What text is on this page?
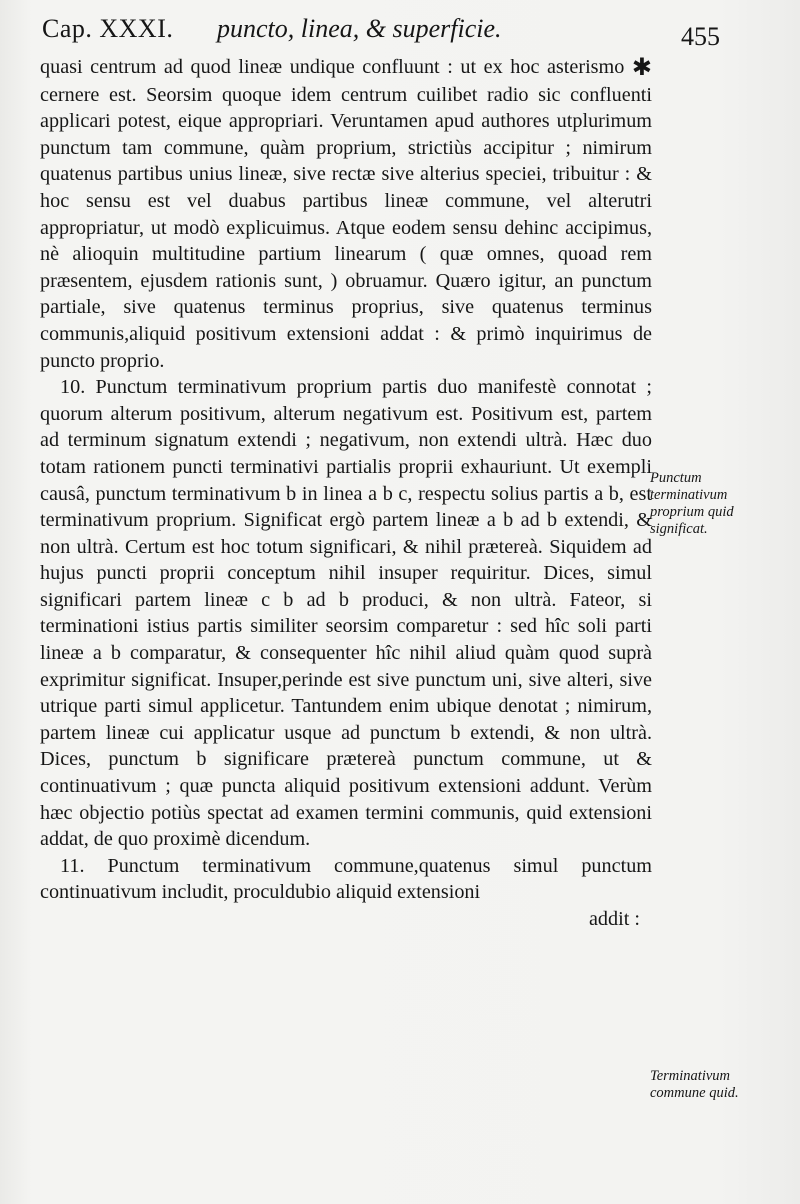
Cap. XXXI. puncto, linea, & superficie.	455

quasi centrum ad quod lineæ undique confluunt : ut ex hoc asterismo ✱ cernere est. Seorsim quoque idem centrum cuilibet radio sic confluenti applicari potest, eique appropriari. Veruntamen apud authores utplurimum punctum tam commune, quàm proprium, strictiùs accipitur ; nimirum quatenus partibus unius lineæ, sive rectæ sive alterius speciei, tribuitur : & hoc sensu est vel duabus partibus lineæ commune, vel alterutri appropriatur, ut modò explicuimus. Atque eodem sensu dehinc accipimus, nè alioquin multitudine partium linearum ( quæ omnes, quoad rem præsentem, ejusdem rationis sunt, ) obruamur. Quæro igitur, an punctum partiale, sive quatenus terminus proprius, sive quatenus terminus communis,aliquid positivum extensioni addat : & primò inquirimus de puncto proprio.

10. Punctum terminativum proprium partis duo manifestè connotat ; quorum alterum positivum, alterum negativum est. Positivum est, partem ad terminum signatum extendi ; negativum, non extendi ultrà. Hæc duo totam rationem puncti terminativi partialis proprii exhauriunt. Ut exempli causâ, punctum terminativum b in linea a b c, respectu solius partis a b, est terminativum proprium. Significat ergò partem lineæ a b ad b extendi, & non ultrà. Certum est hoc totum significari, & nihil prætereà. Siquidem ad hujus puncti proprii conceptum nihil insuper requiritur. Dices, simul significari partem lineæ c b ad b produci, & non ultrà. Fateor, si terminationi istius partis similiter seorsim comparetur : sed hîc soli parti lineæ a b comparatur, & consequenter hîc nihil aliud quàm quod suprà exprimitur significat. Insuper,perinde est sive punctum uni, sive alteri, sive utrique parti simul applicetur. Tantundem enim ubique denotat ; nimirum, partem lineæ cui applicatur usque ad punctum b extendi, & non ultrà. Dices, punctum b significare prætereà punctum commune, ut & continuativum ; quæ puncta aliquid positivum extensioni addunt. Verùm hæc objectio potiùs spectat ad examen termini communis, quid extensioni addat, de quo proximè dicendum.

11. Punctum terminativum commune,quatenus simul punctum continuativum includit, proculdubio aliquid extensioni

addit :

Punctum terminativum proprium quid significat.
Terminativum commune quid.
